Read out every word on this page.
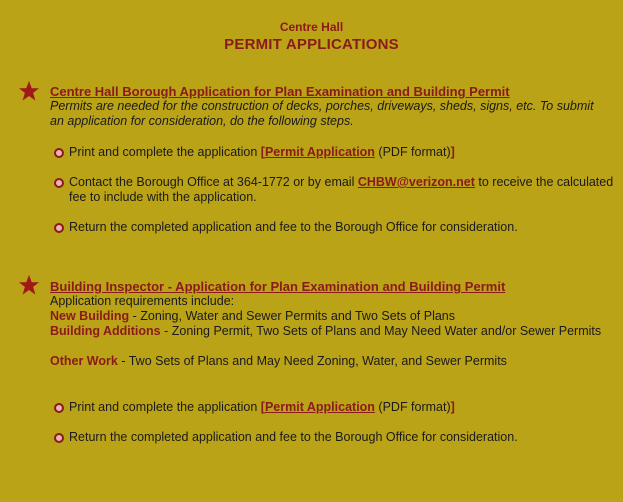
Centre Hall
PERMIT APPLICATIONS
Centre Hall Borough Application for Plan Examination and Building Permit
Permits are needed for the construction of decks, porches, driveways, sheds, signs, etc. To submit an application for consideration, do the following steps.
Print and complete the application [Permit Application (PDF format)]
Contact the Borough Office at 364-1772 or by email CHBW@verizon.net to receive the calculated fee to include with the application.
Return the completed application and fee to the Borough Office for consideration.
Building Inspector - Application for Plan Examination and Building Permit
Application requirements include:
New Building - Zoning, Water and Sewer Permits and Two Sets of Plans
Building Additions - Zoning Permit, Two Sets of Plans and May Need Water and/or Sewer Permits
Other Work - Two Sets of Plans and May Need Zoning, Water, and Sewer Permits
Print and complete the application [Permit Application (PDF format)]
Return the completed application and fee to the Borough Office for consideration.
